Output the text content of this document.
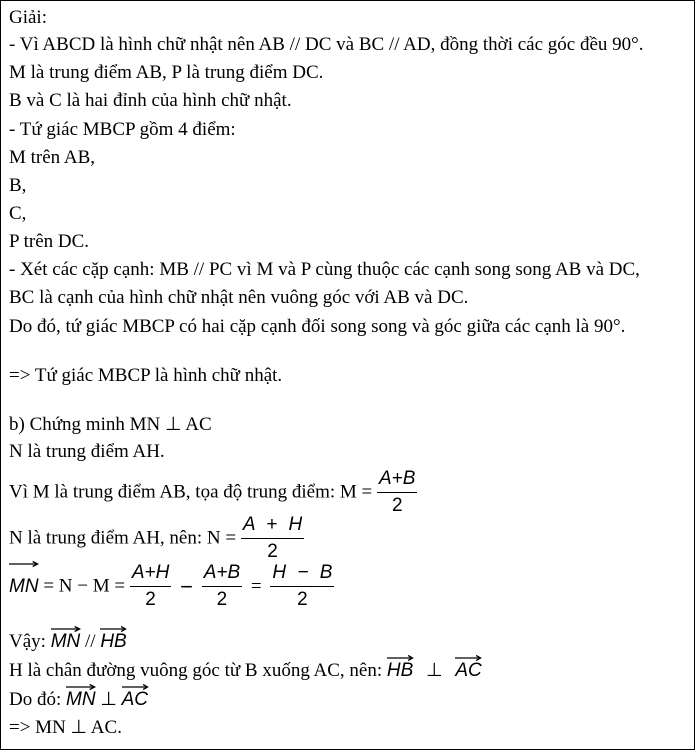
Giải:
- Vì ABCD là hình chữ nhật nên AB // DC và BC // AD, đồng thời các góc đều 90°.
M là trung điểm AB, P là trung điểm DC.
B và C là hai đỉnh của hình chữ nhật.
- Tứ giác MBCP gồm 4 điểm:
M trên AB,
B,
C,
P trên DC.
- Xét các cặp cạnh: MB // PC vì M và P cùng thuộc các cạnh song song AB và DC,
BC là cạnh của hình chữ nhật nên vuông góc với AB và DC.
Do đó, tứ giác MBCP có hai cặp cạnh đối song song và góc giữa các cạnh là 90°.
=> Tứ giác MBCP là hình chữ nhật.
b) Chứng minh MN ⊥ AC
N là trung điểm AH.
Vì M là trung điểm AB, tọa độ trung điểm: $M = \frac{A+B}{2}$
N là trung điểm AH, nên: $N = \frac{A + H}{2}$
MN = $N - M = \frac{A+H}{2} - \frac{A+B}{2} = \frac{H - B}{2}$
Vậy: MN // HB
H là chân đường vuông góc từ B xuống AC, nên: HB ⊥ AC
Do đó: MN ⊥ AC
=> MN ⊥ AC.
